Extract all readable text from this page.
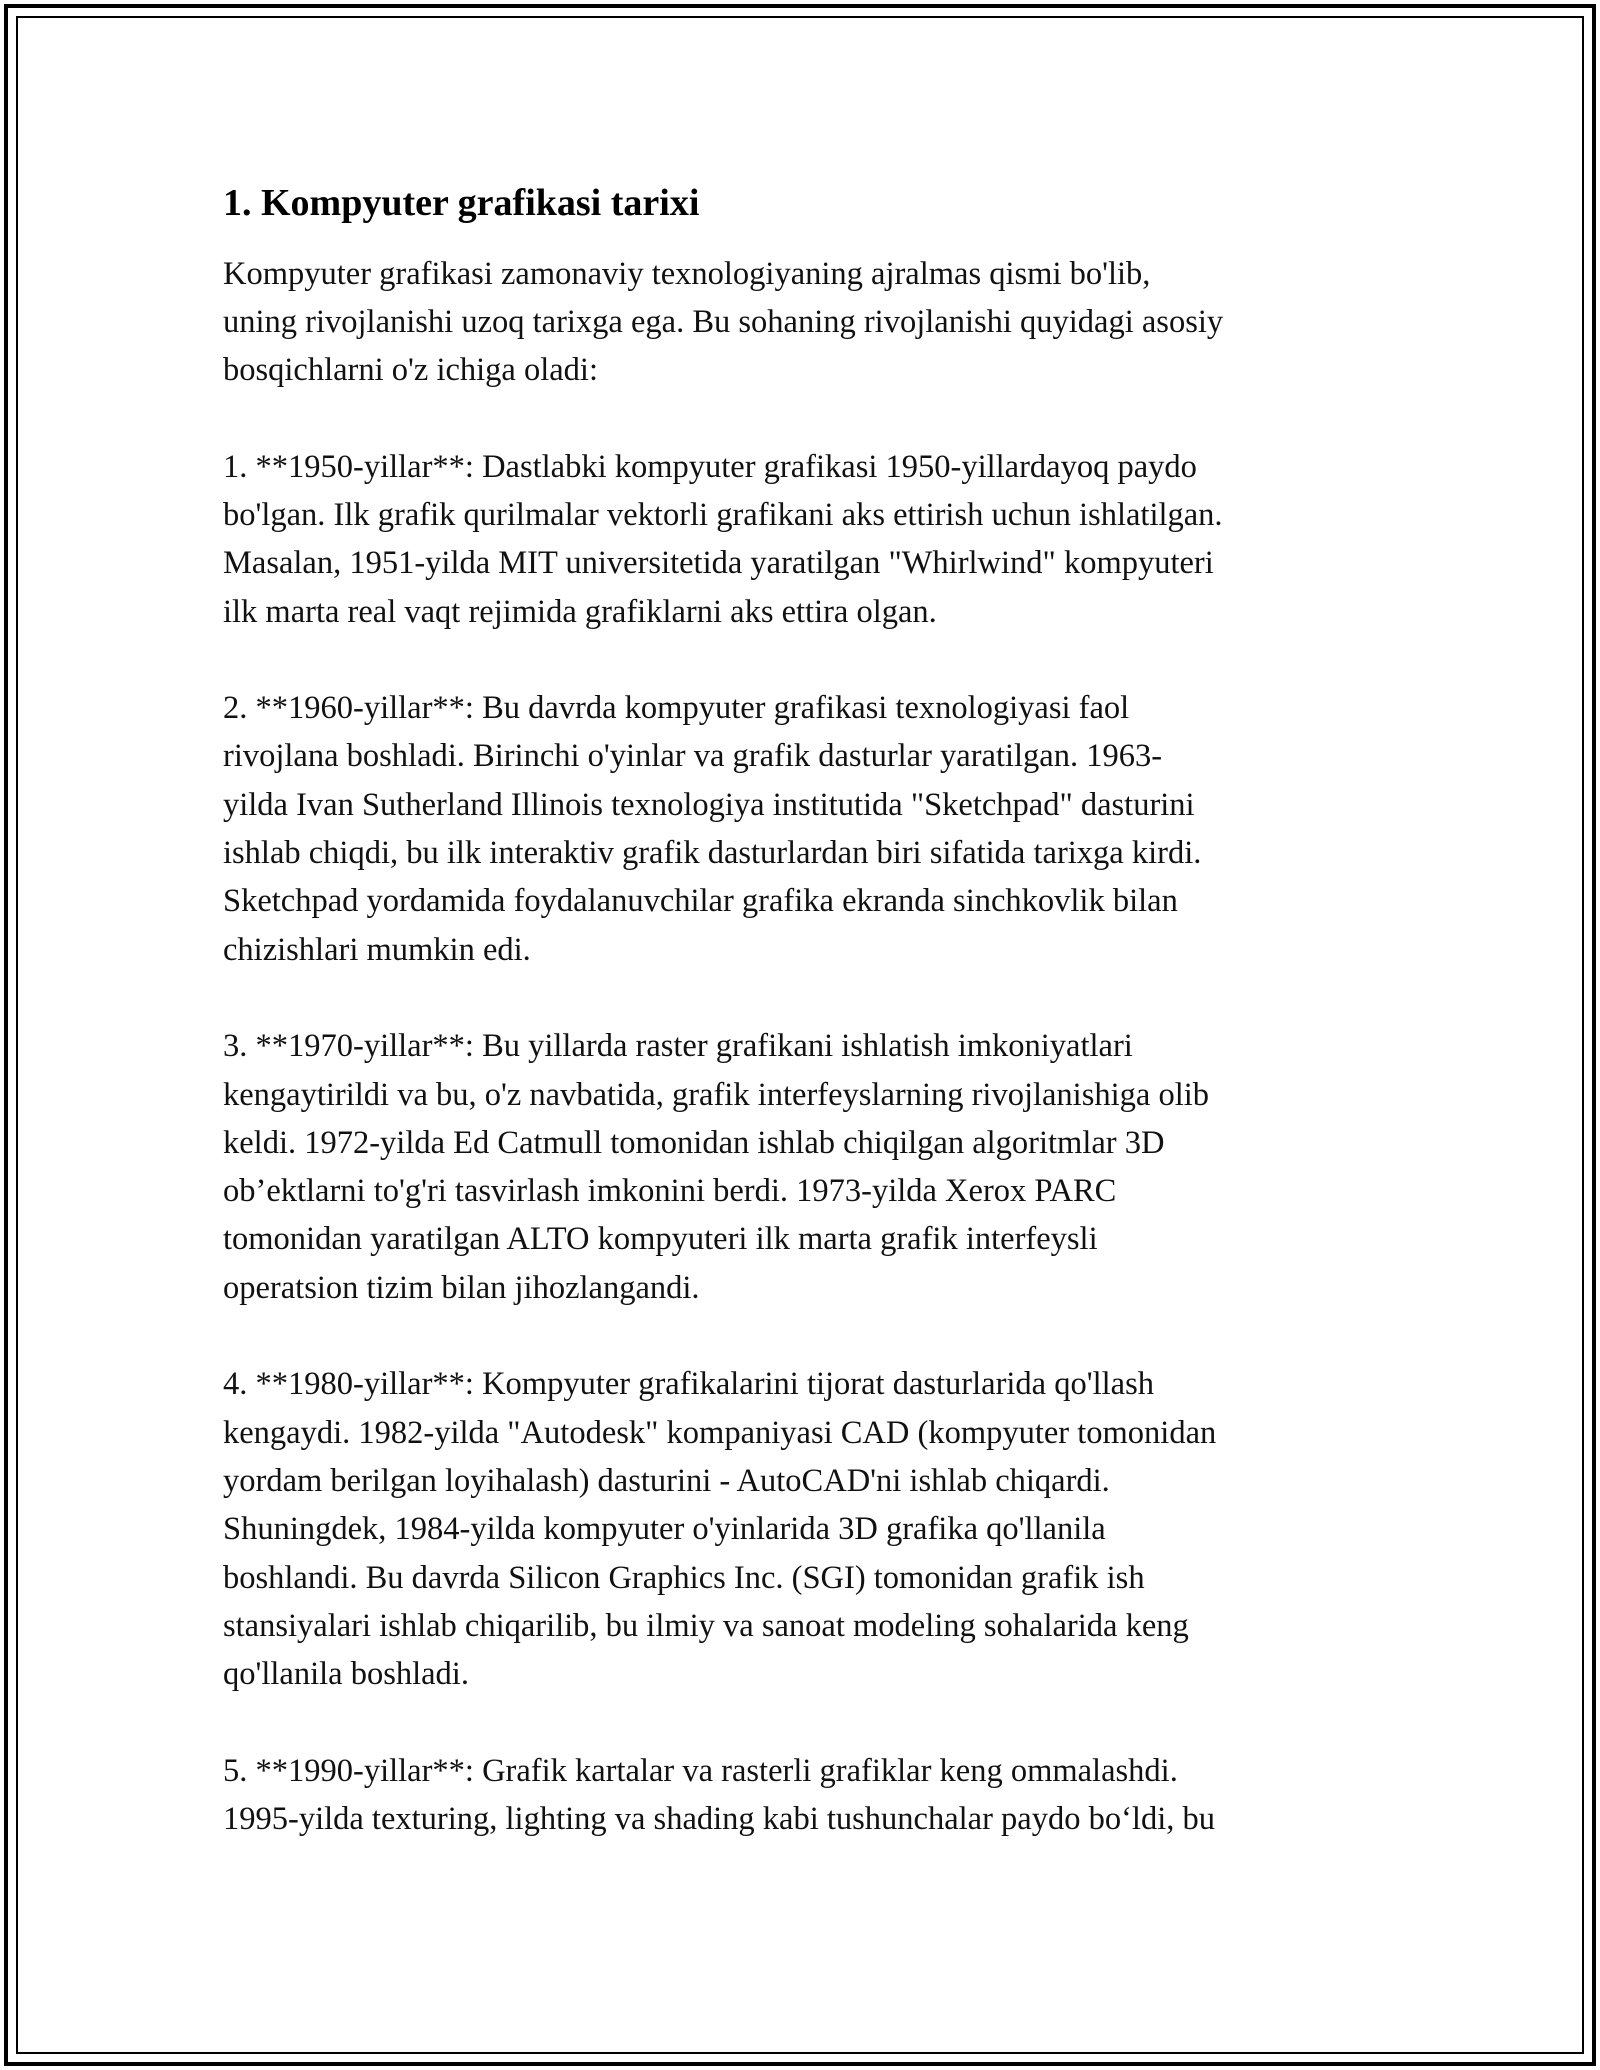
1. Kompyuter grafikasi tarixi

Kompyuter grafikasi zamonaviy texnologiyaning ajralmas qismi bo'lib,
uning rivojlanishi uzoq tarixga ega. Bu sohaning rivojlanishi quyidagi asosiy
bosqichlarni o'z ichiga oladi:

1. **1950-yillar**: Dastlabki kompyuter grafikasi 1950-yillardayoq paydo
bo'lgan. Ilk grafik qurilmalar vektorli grafikani aks ettirish uchun ishlatilgan.
Masalan, 1951-yilda MIT universitetida yaratilgan "Whirlwind" kompyuteri
ilk marta real vaqt rejimida grafiklarni aks ettira olgan.

2. **1960-yillar**: Bu davrda kompyuter grafikasi texnologiyasi faol
rivojlana boshladi. Birinchi o'yinlar va grafik dasturlar yaratilgan. 1963-
yilda Ivan Sutherland Illinois texnologiya institutida "Sketchpad" dasturini
ishlab chiqdi, bu ilk interaktiv grafik dasturlardan biri sifatida tarixga kirdi.
Sketchpad yordamida foydalanuvchilar grafika ekranda sinchkovlik bilan
chizishlari mumkin edi.

3. **1970-yillar**: Bu yillarda raster grafikani ishlatish imkoniyatlari
kengaytirildi va bu, o'z navbatida, grafik interfeyslarning rivojlanishiga olib
keldi. 1972-yilda Ed Catmull tomonidan ishlab chiqilgan algoritmlar 3D
ob’ektlarni to'g'ri tasvirlash imkonini berdi. 1973-yilda Xerox PARC
tomonidan yaratilgan ALTO kompyuteri ilk marta grafik interfeysli
operatsion tizim bilan jihozlangandi.

4. **1980-yillar**: Kompyuter grafikalarini tijorat dasturlarida qo'llash
kengaydi. 1982-yilda "Autodesk" kompaniyasi CAD (kompyuter tomonidan
yordam berilgan loyihalash) dasturini - AutoCAD'ni ishlab chiqardi.
Shuningdek, 1984-yilda kompyuter o'yinlarida 3D grafika qo'llanila
boshlandi. Bu davrda Silicon Graphics Inc. (SGI) tomonidan grafik ish
stansiyalari ishlab chiqarilib, bu ilmiy va sanoat modeling sohalarida keng
qo'llanila boshladi.

5. **1990-yillar**: Grafik kartalar va rasterli grafiklar keng ommalashdi.
1995-yilda texturing, lighting va shading kabi tushunchalar paydo bo‘ldi, bu
